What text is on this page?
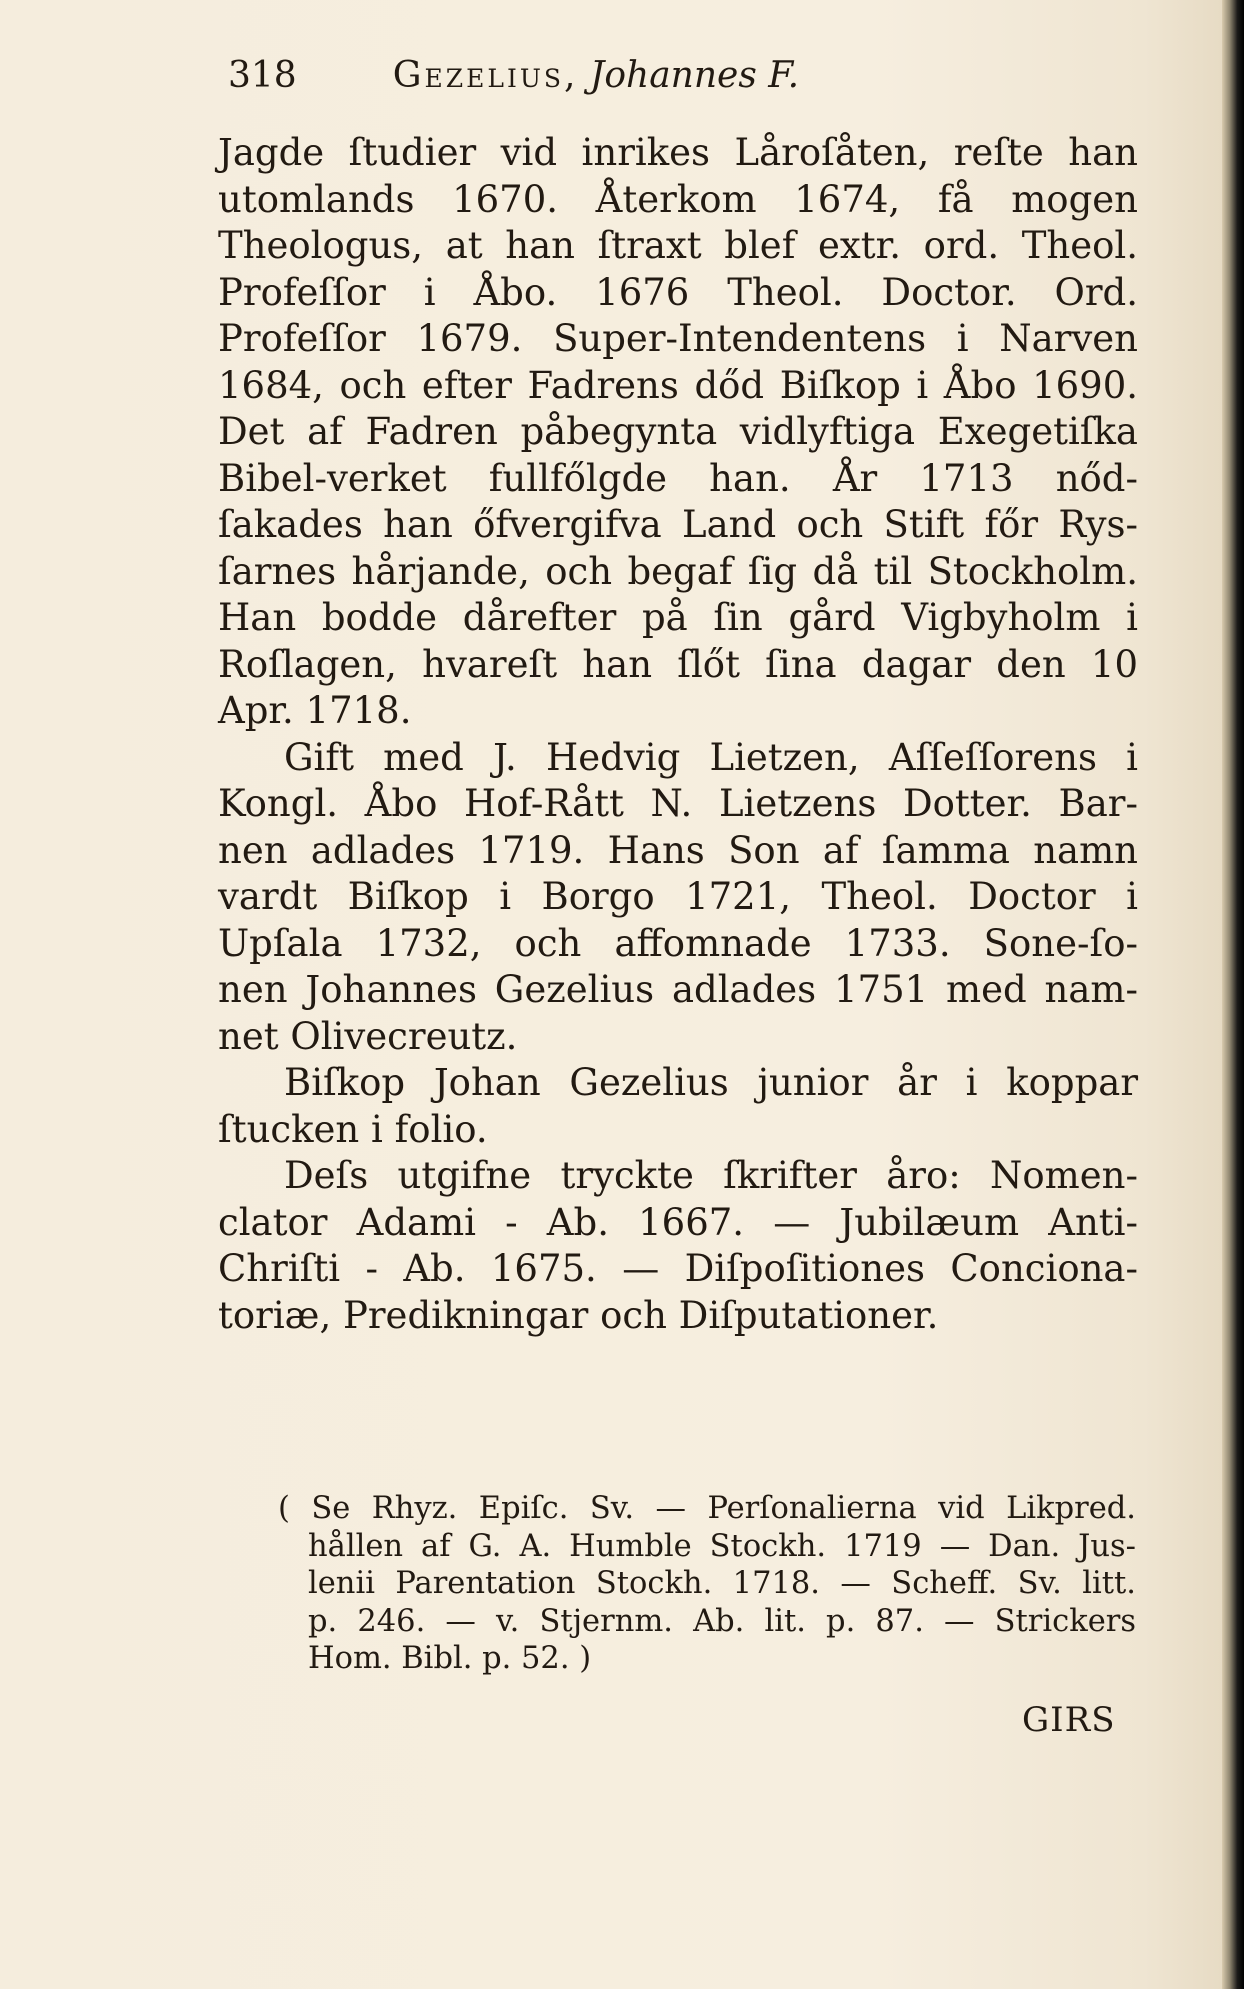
318	Gezelius, Johannes F.
Jagde ſtudier vid inrikes Låroſåten, reſte han
utomlands 1670. Återkom 1674, få mogen
Theologus, at han ſtraxt blef extr. ord. Theol.
Profeſſor i Åbo. 1676 Theol. Doctor. Ord.
Profeſſor 1679. Super-Intendentens i Narven
1684, och efter Fadrens dőd Biſkop i Åbo 1690.
Det af Fadren påbegynta vidlyftiga Exegetiſka
Bibel-verket fullfőlgde han. År 1713 nőd-
ſakades han őfvergifva Land och Stift főr Rys-
ſarnes hårjande, och begaf ſig då til Stockholm.
Han bodde dårefter på ſin gård Vigbyholm i
Roſlagen, hvareſt han ſlőt ſina dagar den 10
Apr. 1718.
Gift med J. Hedvig Lietzen, Aſſeſſorens i
Kongl. Åbo Hof-Rått N. Lietzens Dotter. Bar-
nen adlades 1719. Hans Son af ſamma namn
vardt Biſkop i Borgo 1721, Theol. Doctor i
Upſala 1732, och affomnade 1733. Sone-ſo-
nen Johannes Gezelius adlades 1751 med nam-
net Olivecreutz.
Biſkop Johan Gezelius junior år i koppar
ſtucken i folio.
Deſs utgifne tryckte ſkrifter åro: Nomen-
clator Adami - Ab. 1667. — Jubilæum Anti-
Chriſti - Ab. 1675. — Diſpoſitiones Conciona-
toriæ, Predikningar och Diſputationer.
( Se Rhyz. Epiſc. Sv. — Perſonalierna vid Likpred.
hållen af G. A. Humble Stockh. 1719 — Dan. Jus-
lenii Parentation Stockh. 1718. — Scheff. Sv. litt.
p. 246. — v. Stjernm. Ab. lit. p. 87. — Strickers
Hom. Bibl. p. 52. )
GIRS
